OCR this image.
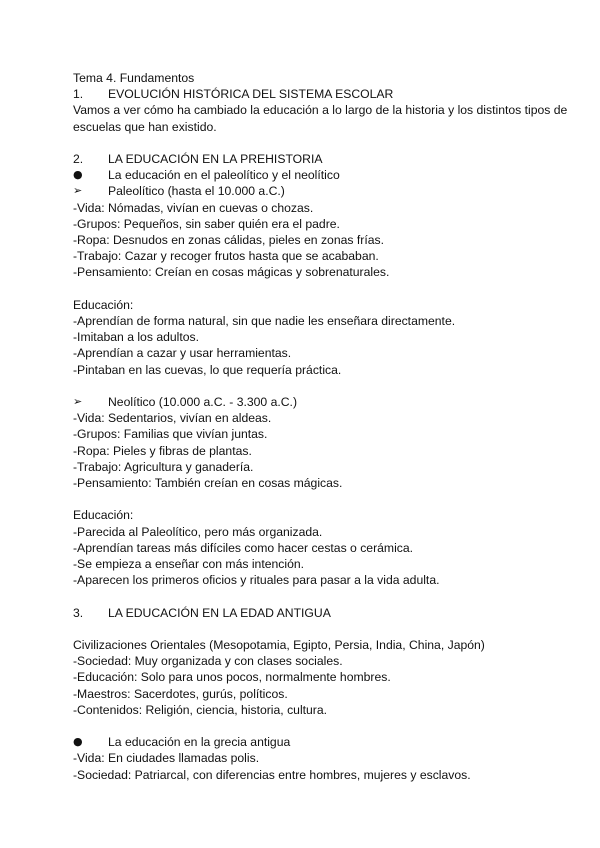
Tema 4. Fundamentos

1.	EVOLUCIÓN HISTÓRICA DEL SISTEMA ESCOLAR

Vamos a ver cómo ha cambiado la educación a lo largo de la historia y los distintos tipos de escuelas que han existido.

2.	LA EDUCACIÓN EN LA PREHISTORIA
●	La educación en el paleolítico y el neolítico
➢	Paleolítico (hasta el 10.000 a.C.)

-Vida: Nómadas, vivían en cuevas o chozas.

-Grupos: Pequeños, sin saber quién era el padre.

-Ropa: Desnudos en zonas cálidas, pieles en zonas frías.

-Trabajo: Cazar y recoger frutos hasta que se acababan.

-Pensamiento: Creían en cosas mágicas y sobrenaturales.

Educación:

-Aprendían de forma natural, sin que nadie les enseñara directamente.

-Imitaban a los adultos.

-Aprendían a cazar y usar herramientas.

-Pintaban en las cuevas, lo que requería práctica.

➢	Neolítico (10.000 a.C. - 3.300 a.C.)

-Vida: Sedentarios, vivían en aldeas.

-Grupos: Familias que vivían juntas.

-Ropa: Pieles y fibras de plantas.

-Trabajo: Agricultura y ganadería.

-Pensamiento: También creían en cosas mágicas.

Educación:

-Parecida al Paleolítico, pero más organizada.

-Aprendían tareas más difíciles como hacer cestas o cerámica.

-Se empieza a enseñar con más intención.

-Aparecen los primeros oficios y rituales para pasar a la vida adulta.

3.	LA EDUCACIÓN EN LA EDAD ANTIGUA

Civilizaciones Orientales (Mesopotamia, Egipto, Persia, India, China, Japón)

-Sociedad: Muy organizada y con clases sociales.

-Educación: Solo para unos pocos, normalmente hombres.

-Maestros: Sacerdotes, gurús, políticos.

-Contenidos: Religión, ciencia, historia, cultura.

●	La educación en la grecia antigua

-Vida: En ciudades llamadas polis.

-Sociedad: Patriarcal, con diferencias entre hombres, mujeres y esclavos.
